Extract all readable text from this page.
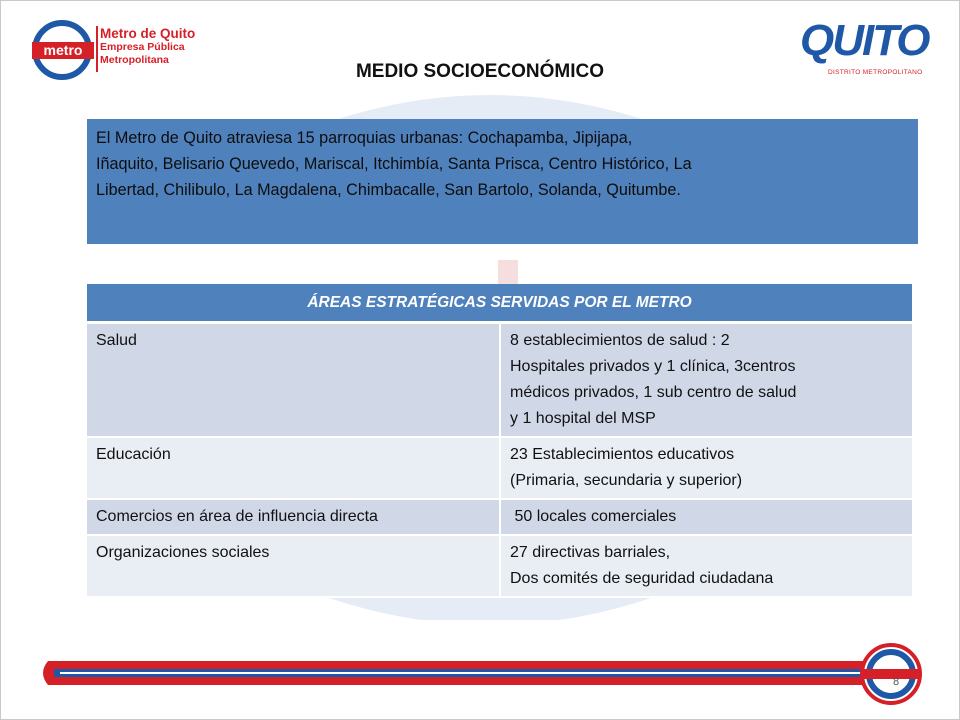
metro
Metro de Quito
Empresa Pública
Metropolitana	QUITO
DISTRITO METROPOLITANO
MEDIO SOCIOECONÓMICO
El Metro de Quito atraviesa 15 parroquias urbanas: Cochapamba, Jipijapa,
Iñaquito, Belisario Quevedo, Mariscal, Itchimbía, Santa Prisca, Centro Histórico, La
Libertad, Chilibulo, La Magdalena, Chimbacalle, San Bartolo, Solanda, Quitumbe.
ÁREAS ESTRATÉGICAS SERVIDAS POR EL METRO	
Salud	8 establecimientos de salud : 2
Hospitales privados y 1 clínica, 3centros
médicos privados, 1 sub centro de salud
y 1 hospital del MSP

Educación	23 Establecimientos educativos
(Primaria, secundaria y superior)

Comercios en área de influencia directa	50 locales comerciales

Organizaciones sociales	27 directivas barriales,
Dos comités de seguridad ciudadana
8
